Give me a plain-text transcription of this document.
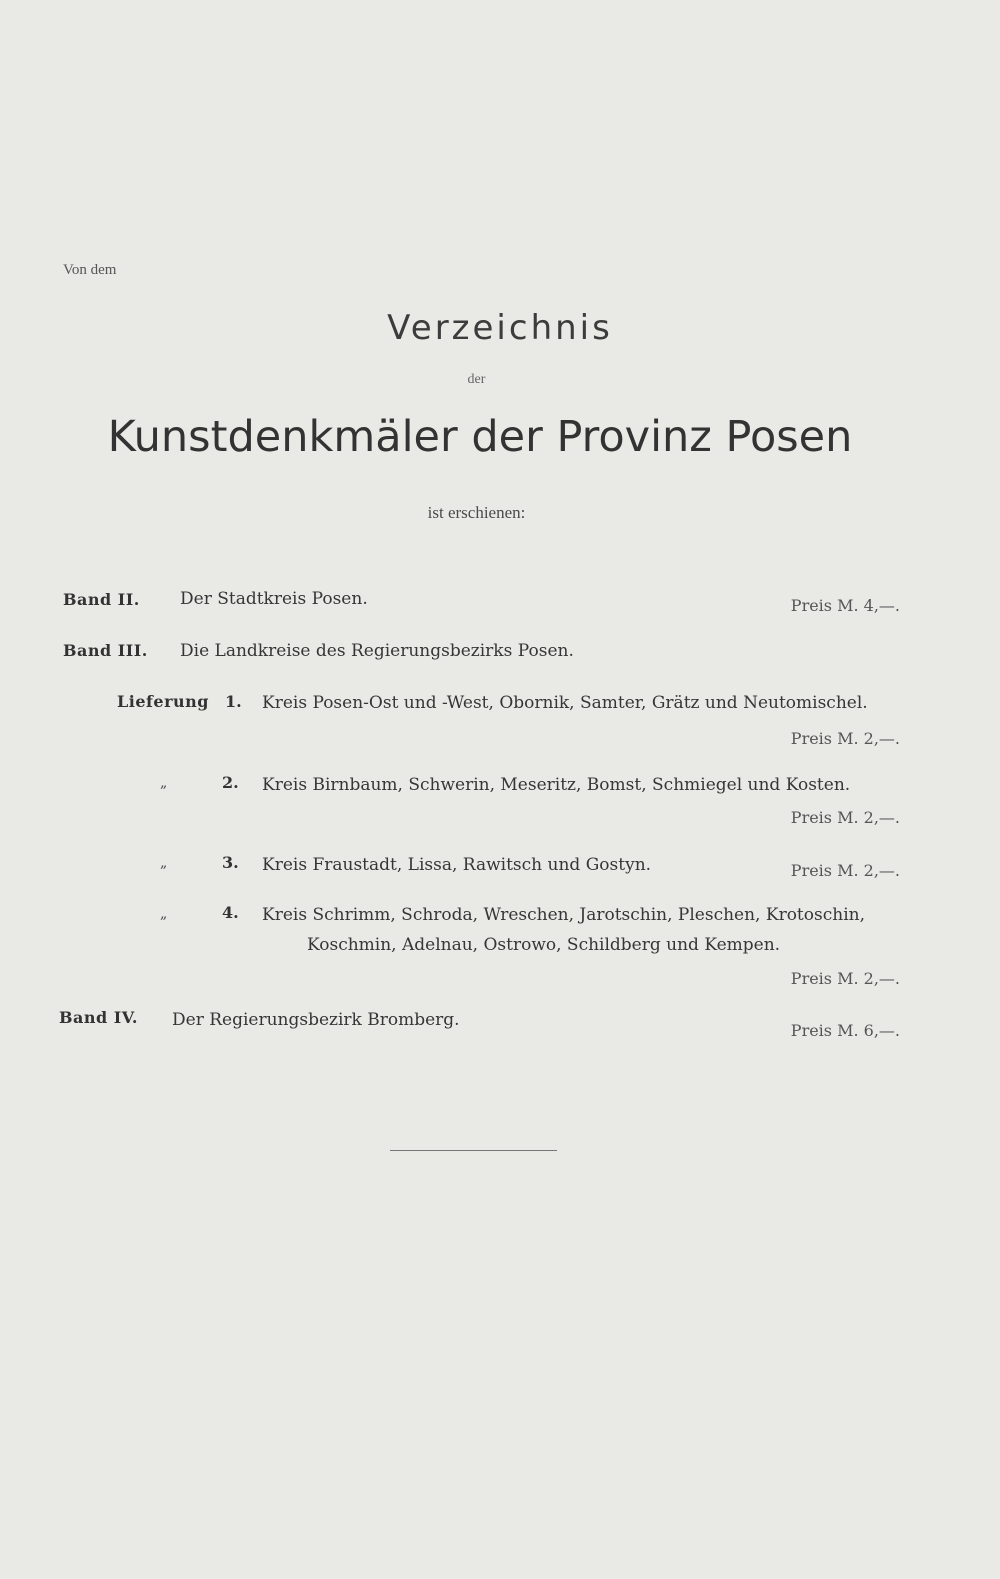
Von dem
Verzeichnis
der
Kunstdenkmäler der Provinz Posen
ist erschienen:
Band II. Der Stadtkreis Posen.	Preis M. 4,—.
Band III. Die Landkreise des Regierungsbezirks Posen.
Lieferung 1. Kreis Posen-Ost und -West, Obornik, Samter, Grätz und Neutomischel.
Preis M. 2,—.
„	2. Kreis Birnbaum, Schwerin, Meseritz, Bomst, Schmiegel und Kosten.
Preis M. 2,—.
„	3. Kreis Fraustadt, Lissa, Rawitsch und Gostyn.	Preis M. 2,—.
„	4. Kreis Schrimm, Schroda, Wreschen, Jarotschin, Pleschen, Krotoschin,
Koschmin, Adelnau, Ostrowo, Schildberg und Kempen.
Preis M. 2,—.
Band IV. Der Regierungsbezirk Bromberg.
Preis M. 6,—.
